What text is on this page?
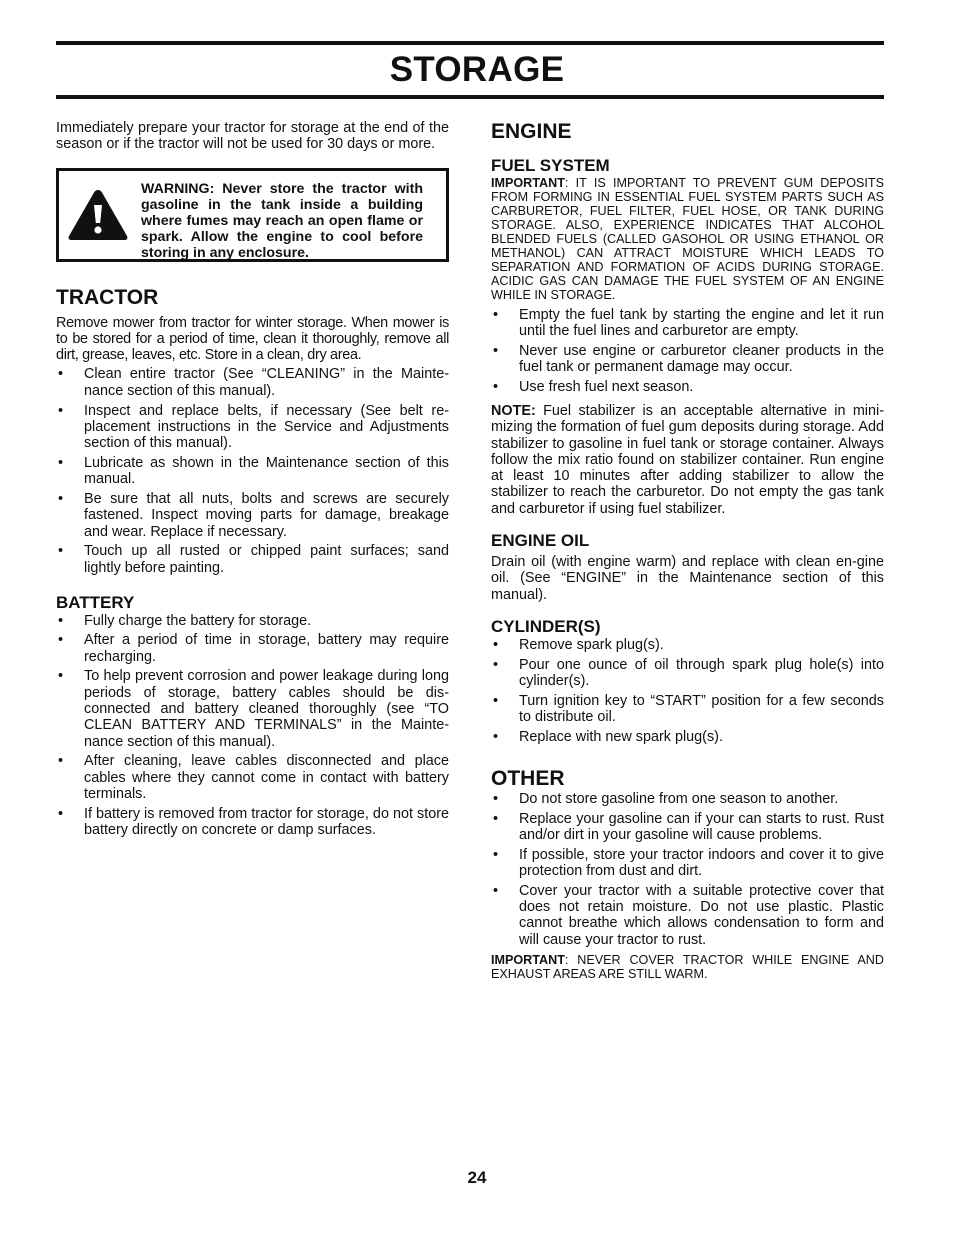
STORAGE

Immediately prepare your tractor for storage at the end of the season or if the tractor will not be used for 30 days or more.

WARNING: Never store the tractor with gasoline in the tank inside a building where fumes may reach an open flame or spark. Allow the engine to cool before storing in any enclosure.

TRACTOR

Remove mower from tractor for winter storage. When mower is to be stored for a period of time, clean it thoroughly, remove all dirt, grease, leaves, etc. Store in a clean, dry area.

• Clean entire tractor (See “CLEANING” in the Mainte-nance section of this manual).
• Inspect and replace belts, if necessary (See belt re-placement instructions in the Service and Adjustments section of this manual).
• Lubricate as shown in the Maintenance section of this manual.
• Be sure that all nuts, bolts and screws are securely fastened. Inspect moving parts for damage, breakage and wear. Replace if necessary.
• Touch up all rusted or chipped paint surfaces; sand lightly before painting.
BATTERY
• Fully charge the battery for storage.
• After a period of time in storage, battery may require recharging.
• To help prevent corrosion and power leakage during long periods of storage, battery cables should be dis-connected and battery cleaned thoroughly (see “TO CLEAN BATTERY AND TERMINALS” in the Mainte-nance section of this manual).
• After cleaning, leave cables disconnected and place cables where they cannot come in contact with battery terminals.
• If battery is removed from tractor for storage, do not store battery directly on concrete or damp surfaces.
ENGINE
FUEL SYSTEM

IMPORTANT: IT IS IMPORTANT TO PREVENT GUM DEPOSITS FROM FORMING IN ESSENTIAL FUEL SYSTEM PARTS SUCH AS CARBURETOR, FUEL FILTER, FUEL HOSE, OR TANK DURING STORAGE. ALSO, EXPERIENCE INDICATES THAT ALCOHOL BLENDED FUELS (CALLED GASOHOL OR USING ETHANOL OR METHANOL) CAN ATTRACT MOISTURE WHICH LEADS TO SEPARATION AND FORMATION OF ACIDS DURING STORAGE. ACIDIC GAS CAN DAMAGE THE FUEL SYSTEM OF AN ENGINE WHILE IN STORAGE.

• Empty the fuel tank by starting the engine and let it run until the fuel lines and carburetor are empty.
• Never use engine or carburetor cleaner products in the fuel tank or permanent damage may occur.
• Use fresh fuel next season.

NOTE: Fuel stabilizer is an acceptable alternative in mini-mizing the formation of fuel gum deposits during storage. Add stabilizer to gasoline in fuel tank or storage container. Always follow the mix ratio found on stabilizer container. Run engine at least 10 minutes after adding stabilizer to allow the stabilizer to reach the carburetor. Do not empty the gas tank and carburetor if using fuel stabilizer.

ENGINE OIL

Drain oil (with engine warm) and replace with clean en-gine oil. (See “ENGINE” in the Maintenance section of this manual).

CYLINDER(S)
• Remove spark plug(s).
• Pour one ounce of oil through spark plug hole(s) into cylinder(s).
• Turn ignition key to “START” position for a few seconds to distribute oil.
• Replace with new spark plug(s).
OTHER
• Do not store gasoline from one season to another.
• Replace your gasoline can if your can starts to rust. Rust and/or dirt in your gasoline will cause problems.
• If possible, store your tractor indoors and cover it to give protection from dust and dirt.
• Cover your tractor with a suitable protective cover that does not retain moisture. Do not use plastic. Plastic cannot breathe which allows condensation to form and will cause your tractor to rust.

IMPORTANT: NEVER COVER TRACTOR WHILE ENGINE AND EXHAUST AREAS ARE STILL WARM.

24
